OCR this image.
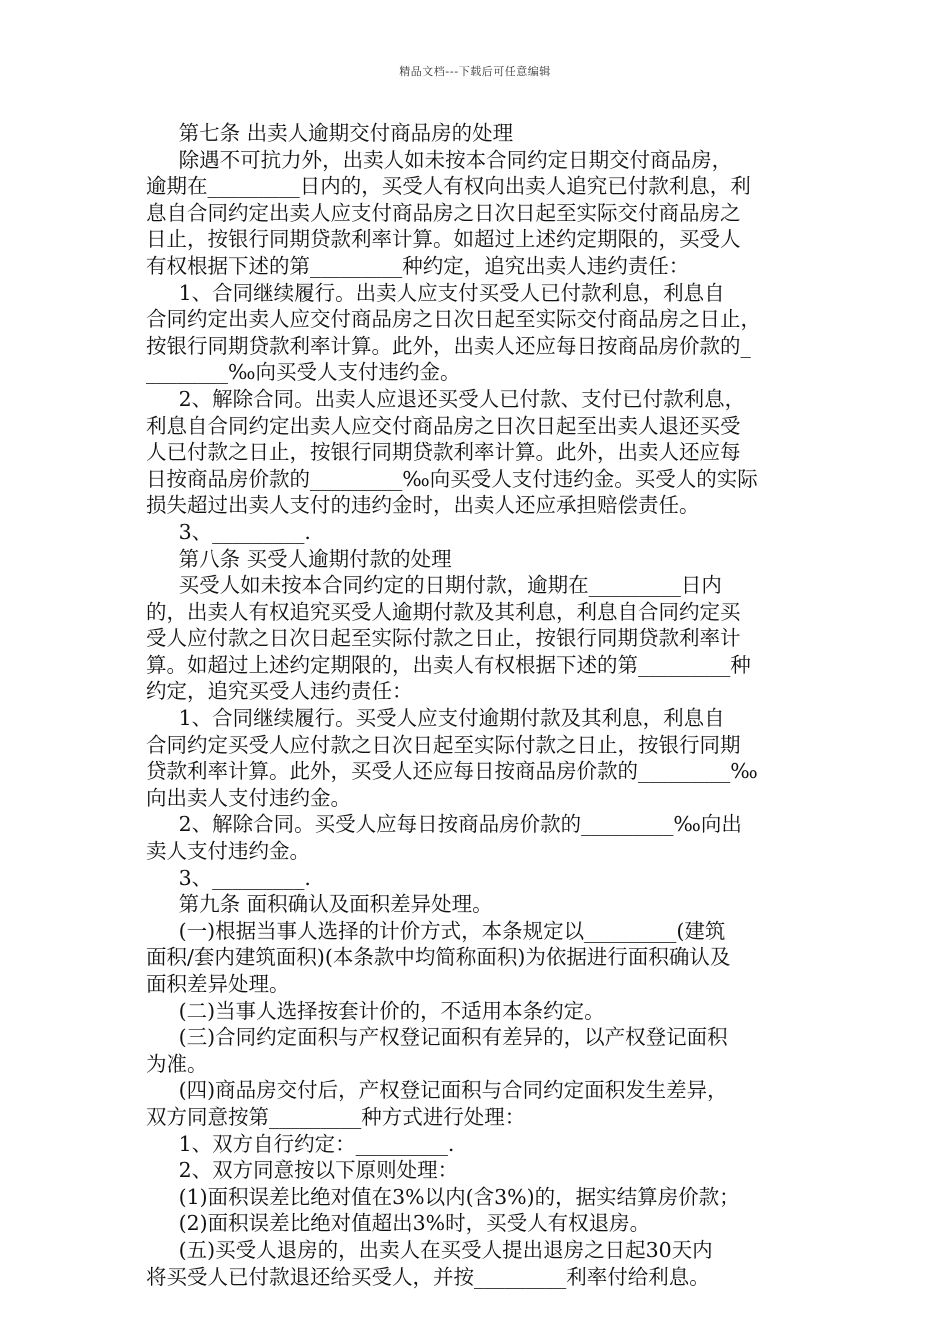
精品文档---下载后可任意编辑
第七条 出卖人逾期交付商品房的处理
除遇不可抗力外，出卖人如未按本合同约定日期交付商品房，
逾期在_________日内的，买受人有权向出卖人追究已付款利息，利
息自合同约定出卖人应支付商品房之日次日起至实际交付商品房之
日止，按银行同期贷款利率计算。如超过上述约定期限的，买受人
有权根据下述的第_________种约定，追究出卖人违约责任：
1、合同继续履行。出卖人应支付买受人已付款利息，利息自
合同约定出卖人应交付商品房之日次日起至实际交付商品房之日止，
按银行同期贷款利率计算。此外，出卖人还应每日按商品房价款的_
________‰向买受人支付违约金。
2、解除合同。出卖人应退还买受人已付款、支付已付款利息，
利息自合同约定出卖人应交付商品房之日次日起至出卖人退还买受
人已付款之日止，按银行同期贷款利率计算。此外，出卖人还应每
日按商品房价款的_________‰向买受人支付违约金。买受人的实际
损失超过出卖人支付的违约金时，出卖人还应承担赔偿责任。
3、_________.
第八条 买受人逾期付款的处理
买受人如未按本合同约定的日期付款，逾期在_________日内
的，出卖人有权追究买受人逾期付款及其利息，利息自合同约定买
受人应付款之日次日起至实际付款之日止，按银行同期贷款利率计
算。如超过上述约定期限的，出卖人有权根据下述的第_________种
约定，追究买受人违约责任：
1、合同继续履行。买受人应支付逾期付款及其利息，利息自
合同约定买受人应付款之日次日起至实际付款之日止，按银行同期
贷款利率计算。此外，买受人还应每日按商品房价款的_________‰
向出卖人支付违约金。
2、解除合同。买受人应每日按商品房价款的_________‰向出
卖人支付违约金。
3、_________.
第九条 面积确认及面积差异处理。
(一)根据当事人选择的计价方式，本条规定以_________(建筑
面积/套内建筑面积)(本条款中均简称面积)为依据进行面积确认及
面积差异处理。
(二)当事人选择按套计价的，不适用本条约定。
(三)合同约定面积与产权登记面积有差异的，以产权登记面积
为准。
(四)商品房交付后，产权登记面积与合同约定面积发生差异，
双方同意按第_________种方式进行处理：
1、双方自行约定：_________.
2、双方同意按以下原则处理：
(1)面积误差比绝对值在3%以内(含3%)的，据实结算房价款；
(2)面积误差比绝对值超出3%时，买受人有权退房。
(五)买受人退房的，出卖人在买受人提出退房之日起30天内
将买受人已付款退还给买受人，并按_________利率付给利息。
